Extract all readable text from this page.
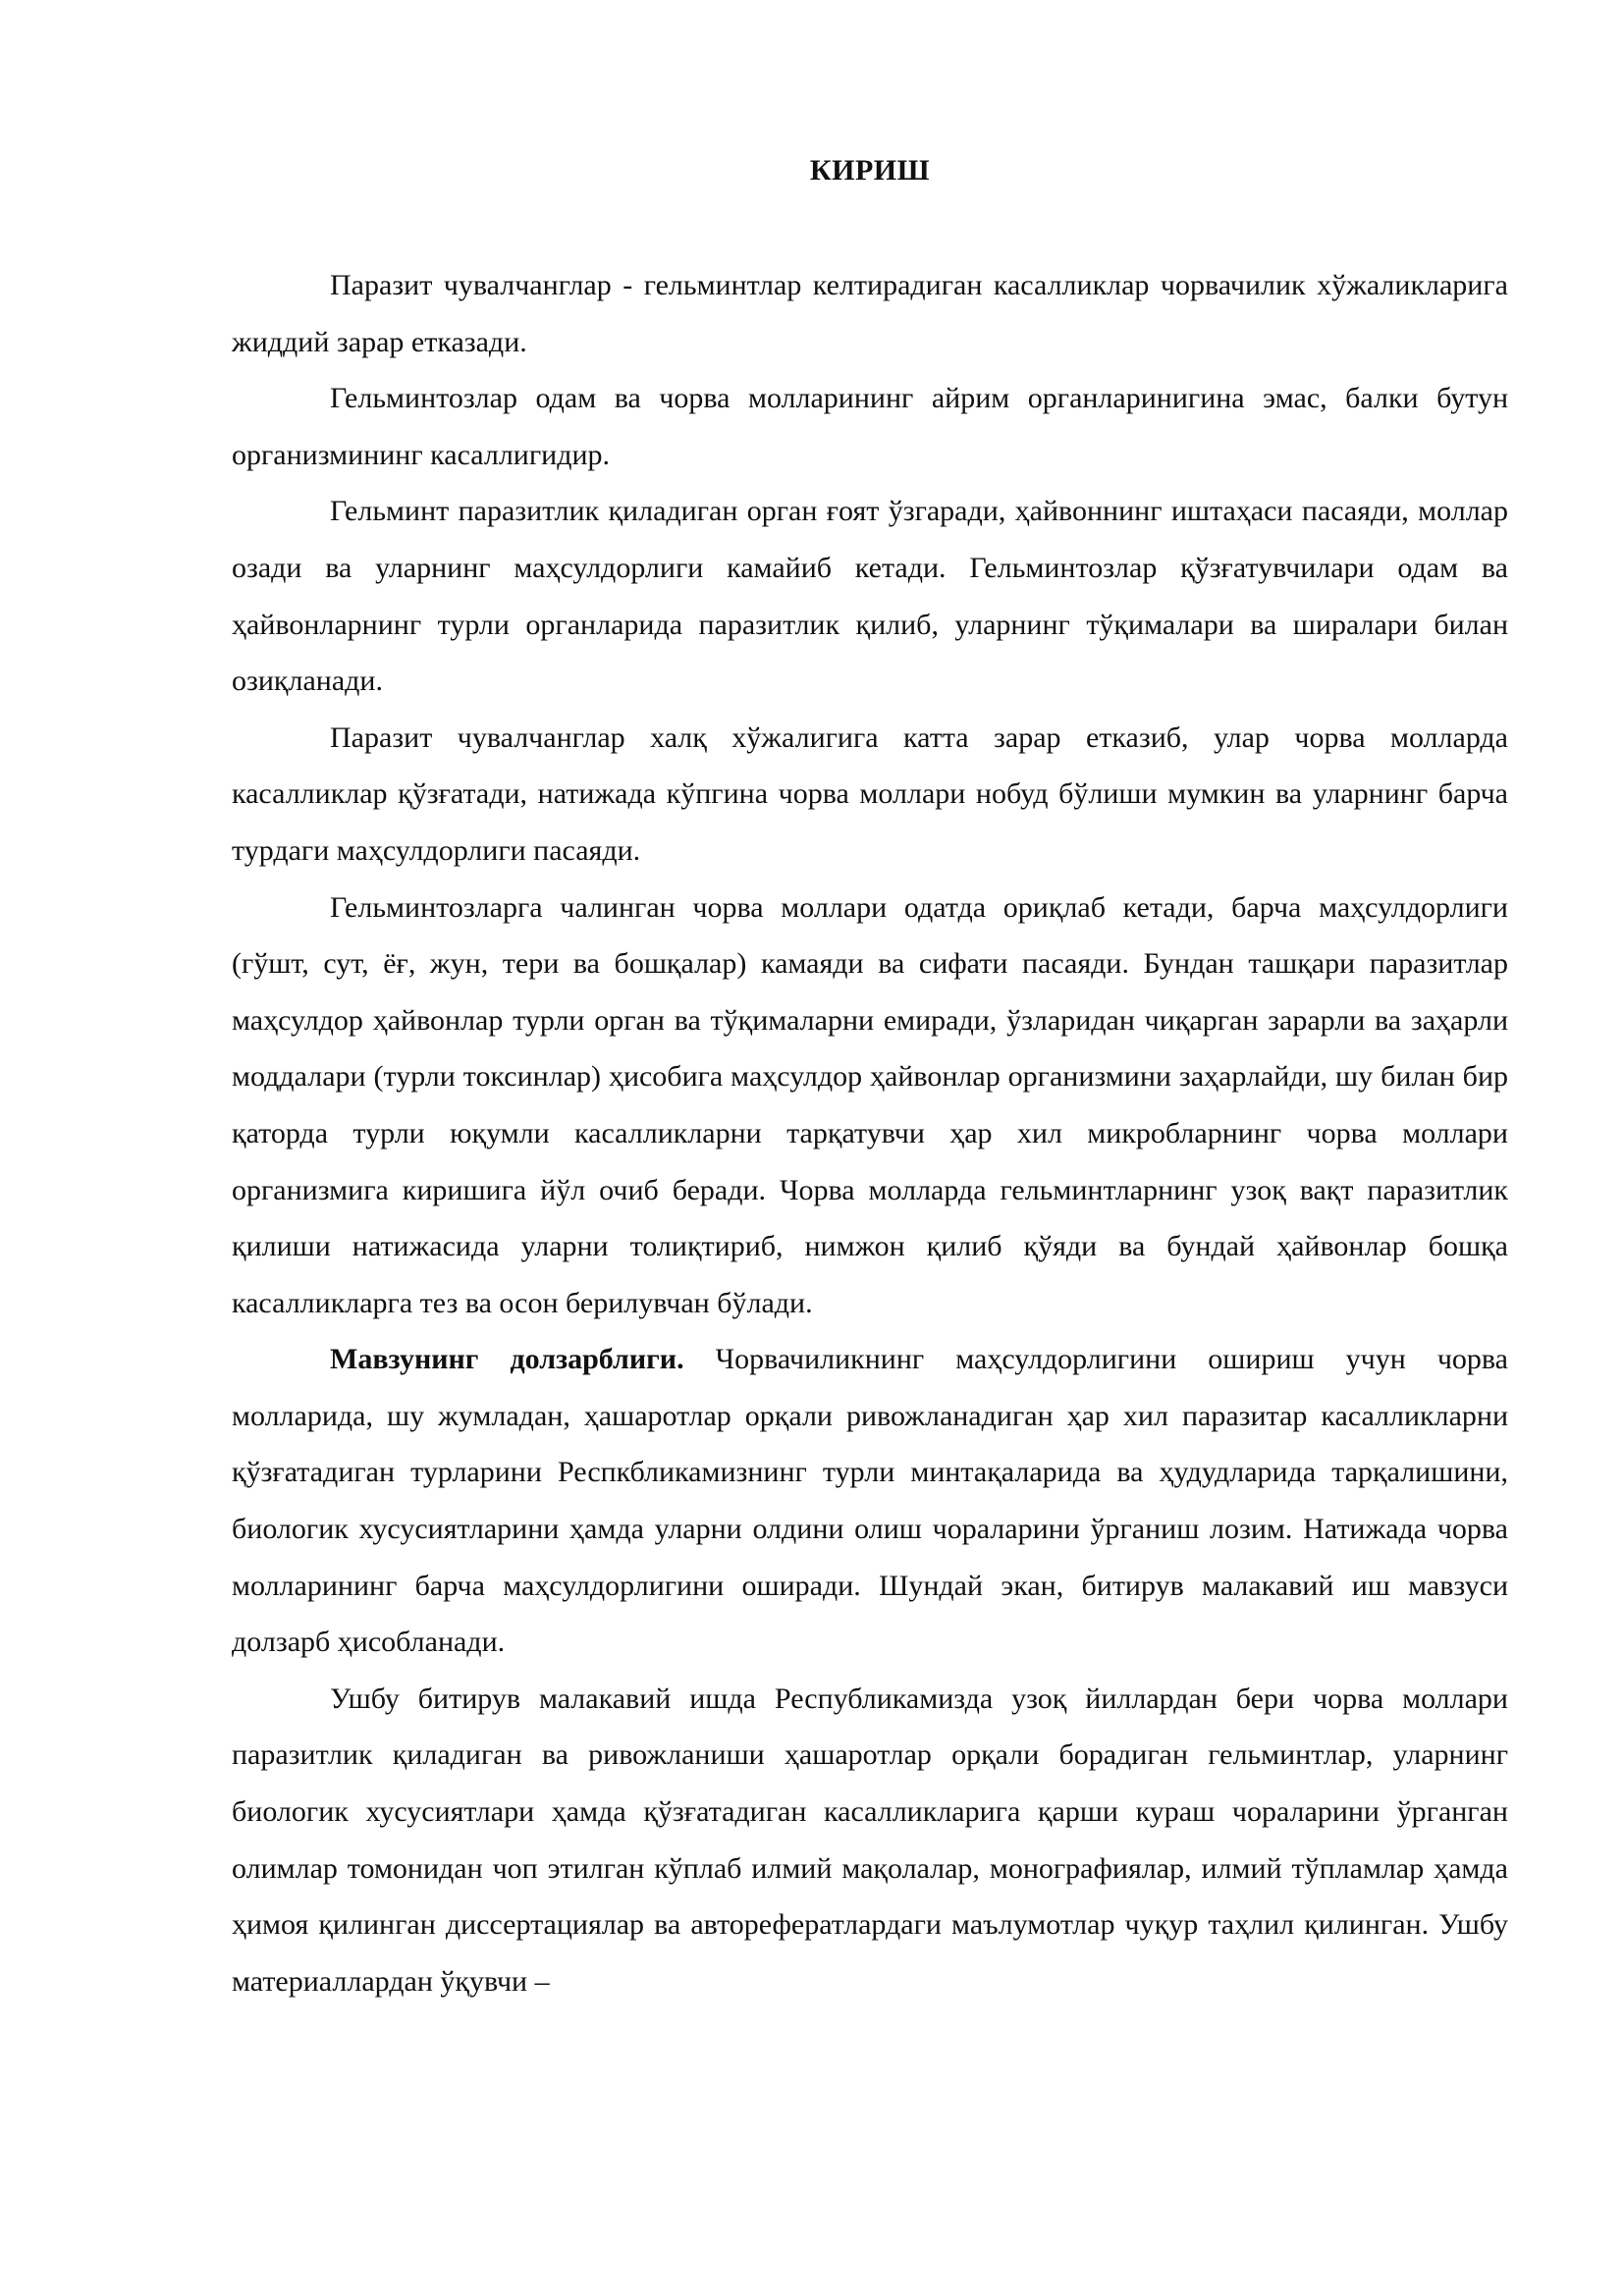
КИРИШ

Паразит чувалчанглар - гельминтлар келтирадиган касалликлар чорвачилик хўжаликларига жиддий зарар етказади.

Гельминтозлар одам ва чорва молларининг айрим органларинигина эмас, балки бутун организмининг касаллигидир.

Гельминт паразитлик қиладиган орган ғоят ўзгаради, ҳайвоннинг иштаҳаси пасаяди, моллар озади ва уларнинг маҳсулдорлиги камайиб кетади. Гельминтозлар қўзғатувчилари одам ва ҳайвонларнинг турли органларида паразитлик қилиб, уларнинг тўқималари ва ширалари билан озиқланади.

Паразит чувалчанглар халқ хўжалигига катта зарар етказиб, улар чорва молларда касалликлар қўзғатади, натижада кўпгина чорва моллари нобуд бўлиши мумкин ва уларнинг барча турдаги маҳсулдорлиги пасаяди.

Гельминтозларга чалинган чорва моллари одатда ориқлаб кетади, барча маҳсулдорлиги (гўшт, сут, ёғ, жун, тери ва бошқалар) камаяди ва сифати пасаяди. Бундан ташқари паразитлар маҳсулдор ҳайвонлар турли орган ва тўқималарни емиради, ўзларидан чиқарган зарарли ва заҳарли моддалари (турли токсинлар) ҳисобига маҳсулдор ҳайвонлар организмини заҳарлайди, шу билан бир қаторда турли юқумли касалликларни тарқатувчи ҳар хил микробларнинг чорва моллари организмига киришига йўл очиб беради. Чорва молларда гельминтларнинг узоқ вақт паразитлик қилиши натижасида уларни толиқтириб, нимжон қилиб қўяди ва бундай ҳайвонлар бошқа касалликларга тез ва осон берилувчан бўлади.

Мавзунинг долзарблиги. Чорвачиликнинг маҳсулдорлигини ошириш учун чорва молларида, шу жумладан, ҳашаротлар орқали ривожланадиган ҳар хил паразитар касалликларни қўзғатадиган турларини Респкбликамизнинг турли минтақаларида ва ҳудудларида тарқалишини, биологик хусусиятларини ҳамда уларни олдини олиш чораларини ўрганиш лозим. Натижада чорва молларининг барча маҳсулдорлигини оширади. Шундай экан, битирув малакавий иш мавзуси долзарб ҳисобланади.

Ушбу битирув малакавий ишда Республикамизда узоқ йиллардан бери чорва моллари паразитлик қиладиган ва ривожланиши ҳашаротлар орқали борадиган гельминтлар, уларнинг биологик хусусиятлари ҳамда қўзғатадиган касалликларига қарши кураш чораларини ўрганган олимлар томонидан чоп этилган кўплаб илмий мақолалар, монографиялар, илмий тўпламлар ҳамда ҳимоя қилинган диссертациялар ва авторефератлардаги маълумотлар чуқур таҳлил қилинган. Ушбу материаллардан ўқувчи –
